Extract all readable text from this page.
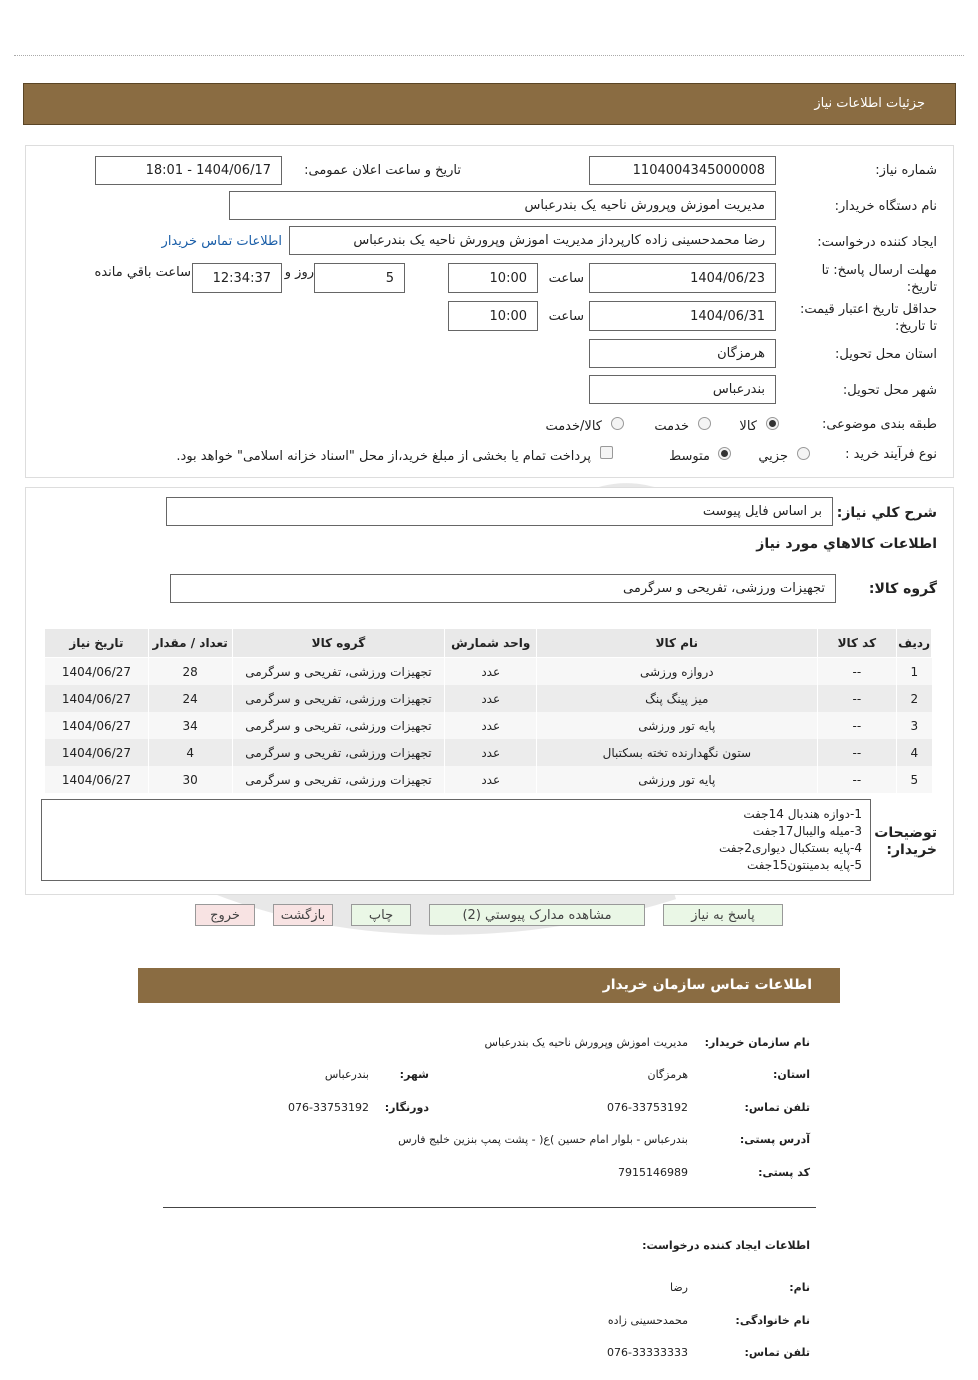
جزئیات اطلاعات نیاز
شماره نیاز:
1104004345000008
تاریخ و ساعت اعلان عمومی:
1404/06/17 - 18:01
نام دستگاه خریدار:
مدیریت اموزش وپرورش ناحیه یک بندرعباس
ایجاد کننده درخواست:
رضا محمدحسینی زاده کارپرداز مدیریت اموزش وپرورش ناحیه یک بندرعباس
اطلاعات تماس خریدار
مهلت ارسال پاسخ: تا
تاریخ:
1404/06/23
ساعت
10:00
5
روز و
12:34:37
ساعت باقي مانده
حداقل تاریخ اعتبار قیمت:
تا تاریخ:
1404/06/31
ساعت
10:00
استان محل تحویل:
هرمزگان
شهر محل تحویل:
بندرعباس
طبقه بندی موضوعی:
کالا
خدمت
کالا/خدمت
نوع فرآیند خرید :
جزيي
متوسط
پرداخت تمام یا بخشی از مبلغ خرید،از محل "اسناد خزانه اسلامی" خواهد بود.
شرح كلي نياز:
بر اساس فایل پیوست
اطلاعات كالاهاي مورد نياز
گروه کالا:
تجهیزات ورزشی، تفریحی و سرگرمی
رديف	کد کالا	نام کالا	واحد شمارش	گروه کالا	تعداد / مقدار	تاریخ نیاز
1	--	دروازه ورزشی	عدد	تجهیزات ورزشی، تفریحی و سرگرمی	28	1404/06/27
2	--	میز پینگ پنگ	عدد	تجهیزات ورزشی، تفریحی و سرگرمی	24	1404/06/27
3	--	پایه تور ورزشی	عدد	تجهیزات ورزشی، تفریحی و سرگرمی	34	1404/06/27
4	--	ستون نگهدارنده تخته بسکتبال	عدد	تجهیزات ورزشی، تفریحی و سرگرمی	4	1404/06/27
5	--	پایه تور ورزشی	عدد	تجهیزات ورزشی، تفریحی و سرگرمی	30	1404/06/27
توضیحات
خریدار:
1-دوازه هندبال 14جفت
3-میله والیبال17جفت
4-پایه بستکبال دیواری2جفت
5-پایه بدمینتون15جفت
پاسخ به نياز
مشاهده مدارک پیوستي (2)
چاپ
بازگشت
خروج
اطلاعات تماس سازمان خریدار
نام سازمان خریدار:
مدیریت اموزش وپرورش ناحیه یک بندرعباس
استان:
هرمزگان
شهر:
بندرعباس
تلفن تماس:
076-33753192
دورنگار:
076-33753192
آدرس پستی:
بندرعباس - بلوار امام حسین )ع( - پشت پمپ بنزین خلیج فارس
کد پستی:
7915146989
اطلاعات ایجاد کننده درخواست:
نام:
رضا
نام خانوادگی:
محمدحسینی زاده
تلفن تماس:
076-33333333
